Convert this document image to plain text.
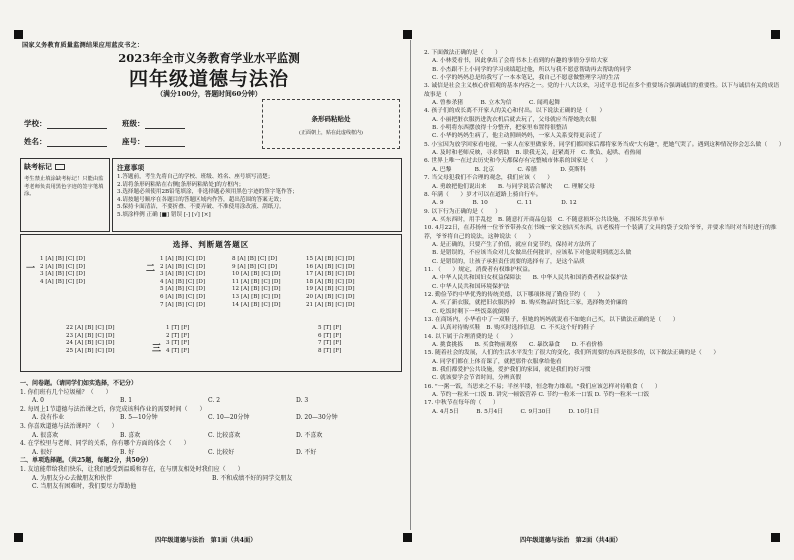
国家义务教育质量监测结果应用蓝皮书之：
2023年全市义务教育学业水平监测
四年级道德与法治
（满分100分，答题时间60分钟）
条形码粘贴处
(正面朝上，贴在此虚线框内)
学校：	班级：
姓名：	座号：
缺考标记
考生禁止填涂缺考标记！只能由监考老师负责用黑色字迹的签字笔填涂。
注意事项
1.答题前，考生先将自己的学校、班级、姓名、座号填写清楚；
2.请将条形码粘贴在右侧[条形码粘贴处]的方框内；
3.选择题必须使用2B铅笔填涂，非选择题必须用黑色字迹的签字笔作答；
4.请按题号顺序在各题目的答题区域内作答，超出范围的答案无效；
5.保持卡面清洁，不要折叠、不要弄破、不准使用涂改液、刮纸刀。
5.填涂样例 正确 [■] 错误 [-] [√] [×]
选择、判断题答题区
一
1 [A] [B] [C] [D]
2 [A] [B] [C] [D]
3 [A] [B] [C] [D]
4 [A] [B] [C] [D]
二
1 [A] [B] [C] [D]
2 [A] [B] [C] [D]
3 [A] [B] [C] [D]
4 [A] [B] [C] [D]
5 [A] [B] [C] [D]
6 [A] [B] [C] [D]
7 [A] [B] [C] [D]
8 [A] [B] [C] [D]
9 [A] [B] [C] [D]
10 [A] [B] [C] [D]
11 [A] [B] [C] [D]
12 [A] [B] [C] [D]
13 [A] [B] [C] [D]
14 [A] [B] [C] [D]
15 [A] [B] [C] [D]
16 [A] [B] [C] [D]
17 [A] [B] [C] [D]
18 [A] [B] [C] [D]
19 [A] [B] [C] [D]
20 [A] [B] [C] [D]
21 [A] [B] [C] [D]
22 [A] [B] [C] [D]
23 [A] [B] [C] [D]
24 [A] [B] [C] [D]
25 [A] [B] [C] [D]	三
1 [T] [F]
2 [T] [F]
3 [T] [F]
4 [T] [F]
5 [T] [F]
6 [T] [F]
7 [T] [F]
8 [T] [F]
一、问卷题。（请同学们如实选择，不记分）
1. 你们班有几个垃圾桶？（　　）
A. 0	B. 1	C. 2	D. 3
2. 每周上1节道德与法治课之后，你完成该科作业的需要时间（　　）
A. 没有作业	B. 5—10分钟	C. 10—20分钟	D. 20—30分钟
3. 你喜欢道德与法治课吗？（　　）
A. 很喜欢	B. 喜欢	C. 比较喜欢	D. 不喜欢
4. 在学校里与老师、同学的关系，你有哪个方面的体会（　　）
A. 很好	B. 好	C. 比较好	D. 不好
二、单项选择题。（共25题，每题2分，共50分）
1. 友谊能带给我们快乐，让我们感受到温暖和存在，在与朋友相处时我们应（　　）
A. 为朋友分心去做朋友和伙伴	B. 不和成绩不好的同学交朋友
C. 当朋友有困难时，我们要尽力帮助他
2. 下面做法正确的是（　　）
A. 小林爱看书，因此拿出了会将书本上看到的有趣的事情分享给大家
B. 小杰跟不上小同学的学习成绩超过他，所以与我不愿意帮助再去帮助的同学
C. 小学的妈妈总是给我写了一本本笔记，我自己不愿意做整理学习的生活
3. 诚信是社会主义核心价值观的基本内容之一。党的十八大以来，习近平总书记在多个重要场合强调诚信的重要性。以下与诚信有关的成语故事是（　　）
A. 曾参杀猪　　　B. 立木为信　　　C. 闻鸡起舞
4. 孩子们的成长离不开家人的关心和付出。以下说法正确的是（　　）
A. 小丽把脏衣服扔进洗衣机后就去玩了，父母就应当帮她洗衣服
B. 小明将东西摆放得十分整齐，把家里布置得很整洁
C. 小华的妈妈生病了，他主动照顾妈妈，一家人关系变得更亲近了
5. 小宝因为放学回家看电视，一家人在家里做家务，同学们都回家后都将家务当成"大有趣"，把她气哭了。遇到这种情况你会怎么做（　　）
A. 及时和老师反映，寻求帮助　B. 联我无关，赶紧离开　C. 欺负、起哄、看热闹
6. 世界上唯一在过去历史和今天都保存有完整城市体系的国家是（　　）
A. 巴黎　　　　B. 北京　　　　C. 希腊　　　　D. 莫斯科
7. 当父母犯我们不合理的观念，我们应该（　　）
A. 勇敢把他们说出来　　B. 与同学说话合解决　　C. 理解父母
8. 年满（　　）岁才可以在道路上骑自行车。
A. 9　　　　　B. 10　　　　　C. 11　　　　　D. 12
9. 以下行为正确的是（　　）
A. 买东西时，用手乱挖　B. 随意打开商品包装　C. 不随意损坏公共设施，不损坏共享单车
10. 4月22日，在苏扬州一位爷爷带孙女在书城一家文创店买东西，店老板将一个装满了文具的袋子交给爷爷，并要求当时对当时进行的推荐，爷爷将自己的说法，这种说法（　　）
A. 是正确的，只要产生了价值，就应自觉节约，保持对方法所了
B. 是错误的，不应该当众对儿女做出任何批评，应该私下对他说明到底怎么做
C. 是错误的，让孩子承担责任需要的选择有了，是这个品质
11. （　　）规定，消费者有权维护权益。
A. 中华人民共和国妇女权益保障法　　B. 中华人民共和国消费者权益保护法
C. 中华人民共和国环境保护法
12. 勤俭节约中华优秀的传统美德，以下哪项体现了勤俭节约（　　）
A. 买了新衣服，就把旧衣服扔掉　B. 购买物品时货比三家，选择物美价廉的
C. 吃饭时剩下一些饭菜就倒掉
13. 在商场内，小华看中了一双鞋子，但她的妈妈就说看不如她自己买，以下做法正确的是（　　）
A. 认真对待购买鞋　B. 购买时选择信息　C. 不买这个好的鞋子
14. 以下属于合理消费的是（　　）
A. 挑食挑拣　　B. 买食物前观察　　C. 暴饮暴食　　D. 不看价格
15. 随着社会的发展，人们的生活水平发生了很大的变化，我们所需要的东西是很多的，以下做法正确的是（　　）
A. 同学们都在上体育课了，就把那件衣服拿给他看
B. 我们都爱护公共设施，爱护我们的家园，就是我们的好习惯
C. 就该要学会节省时间，分辨真假
16. "一粥一饭，当思来之不易；半丝半缕，恒念物力维艰。"我们应该怎样对待粮食（　　）
A. 节约一粒米一口饭 B. 讲究一顿饭营养 C. 节约一粒米一口饭 D. 节约一粒米一口饭
17. 中秋节在每年的（　　）
A. 4月5日　　　B. 5月4日　　　C. 9月30日　　　D. 10月1日
四年级道德与法治　第1面（共4面）	四年级道德与法治　第2面（共4面）
